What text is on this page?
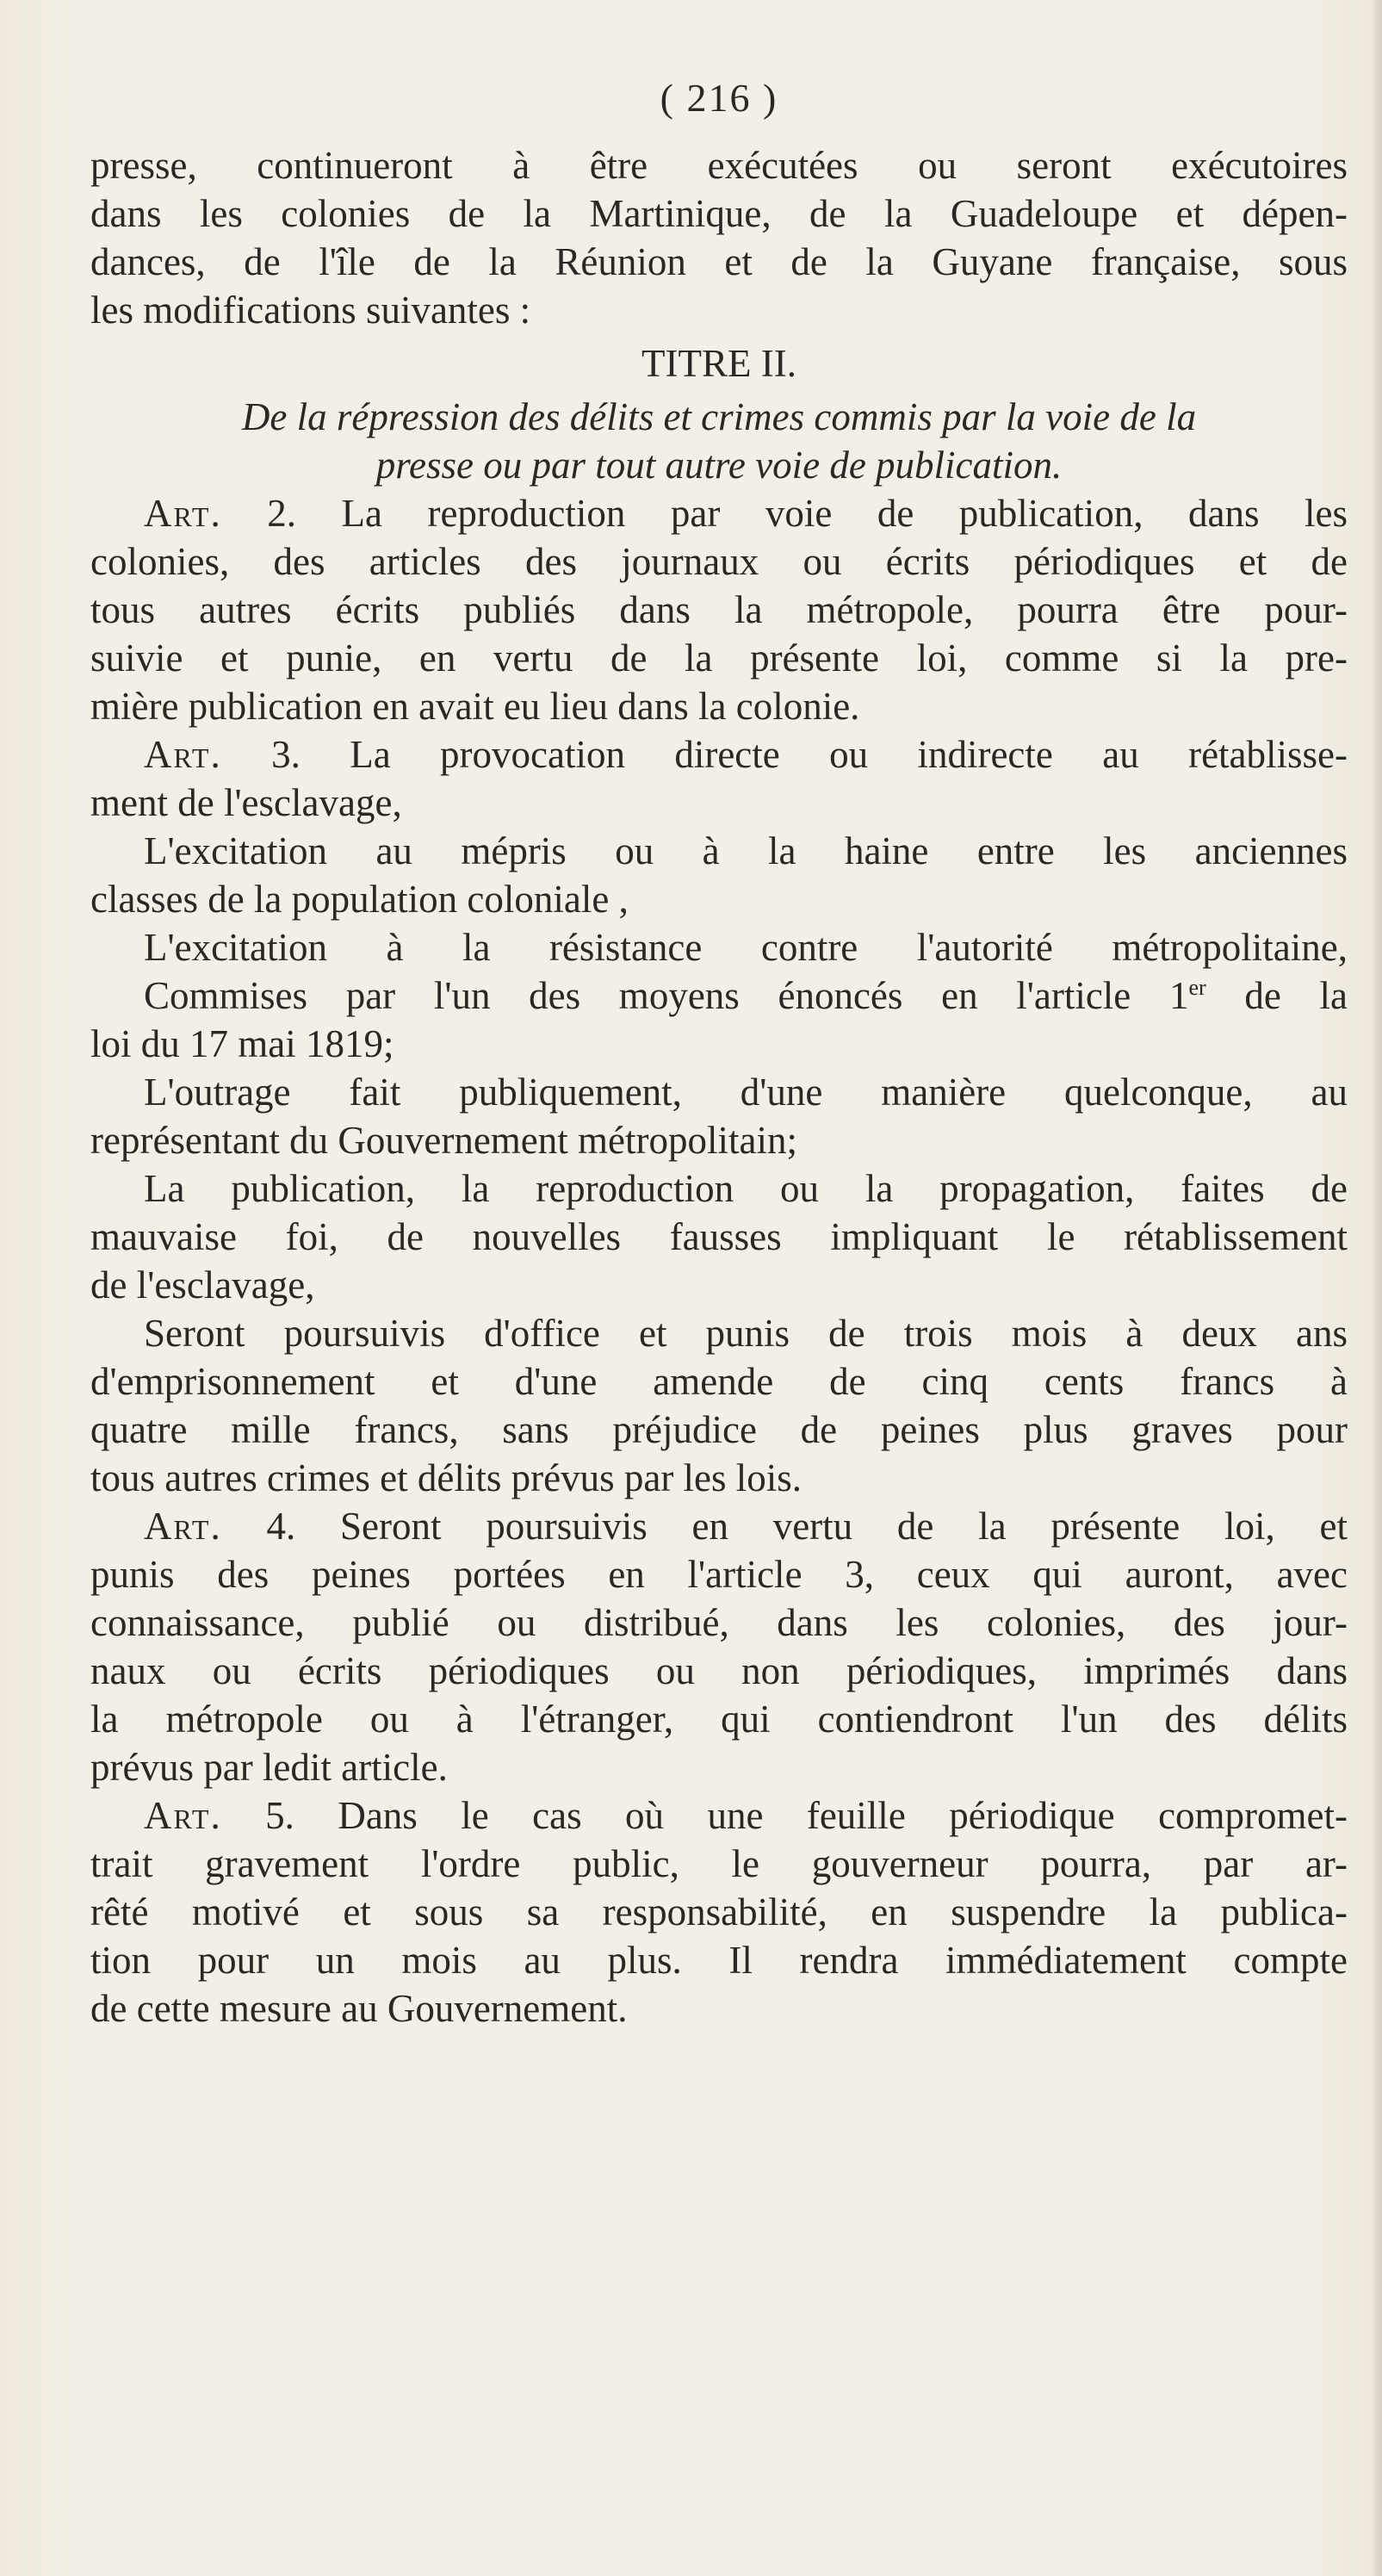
( 216 )
presse, continueront à être exécutées ou seront exécutoires
dans les colonies de la Martinique, de la Guadeloupe et dépen-
dances, de l'île de la Réunion et de la Guyane française, sous
les modifications suivantes :
TITRE II.
De la répression des délits et crimes commis par la voie de la
presse ou par tout autre voie de publication.
Art. 2. La reproduction par voie de publication, dans les
colonies, des articles des journaux ou écrits périodiques et de
tous autres écrits publiés dans la métropole, pourra être pour-
suivie et punie, en vertu de la présente loi, comme si la pre-
mière publication en avait eu lieu dans la colonie.
Art. 3. La provocation directe ou indirecte au rétablisse-
ment de l'esclavage,
L'excitation au mépris ou à la haine entre les anciennes
classes de la population coloniale ,
L'excitation à la résistance contre l'autorité métropolitaine,
Commises par l'un des moyens énoncés en l'article 1er de la
loi du 17 mai 1819;
L'outrage fait publiquement, d'une manière quelconque, au
représentant du Gouvernement métropolitain;
La publication, la reproduction ou la propagation, faites de
mauvaise foi, de nouvelles fausses impliquant le rétablissement
de l'esclavage,
Seront poursuivis d'office et punis de trois mois à deux ans
d'emprisonnement et d'une amende de cinq cents francs à
quatre mille francs, sans préjudice de peines plus graves pour
tous autres crimes et délits prévus par les lois.
Art. 4. Seront poursuivis en vertu de la présente loi, et
punis des peines portées en l'article 3, ceux qui auront, avec
connaissance, publié ou distribué, dans les colonies, des jour-
naux ou écrits périodiques ou non périodiques, imprimés dans
la métropole ou à l'étranger, qui contiendront l'un des délits
prévus par ledit article.
Art. 5. Dans le cas où une feuille périodique compromet-
trait gravement l'ordre public, le gouverneur pourra, par ar-
rêté motivé et sous sa responsabilité, en suspendre la publica-
tion pour un mois au plus. Il rendra immédiatement compte
de cette mesure au Gouvernement.
